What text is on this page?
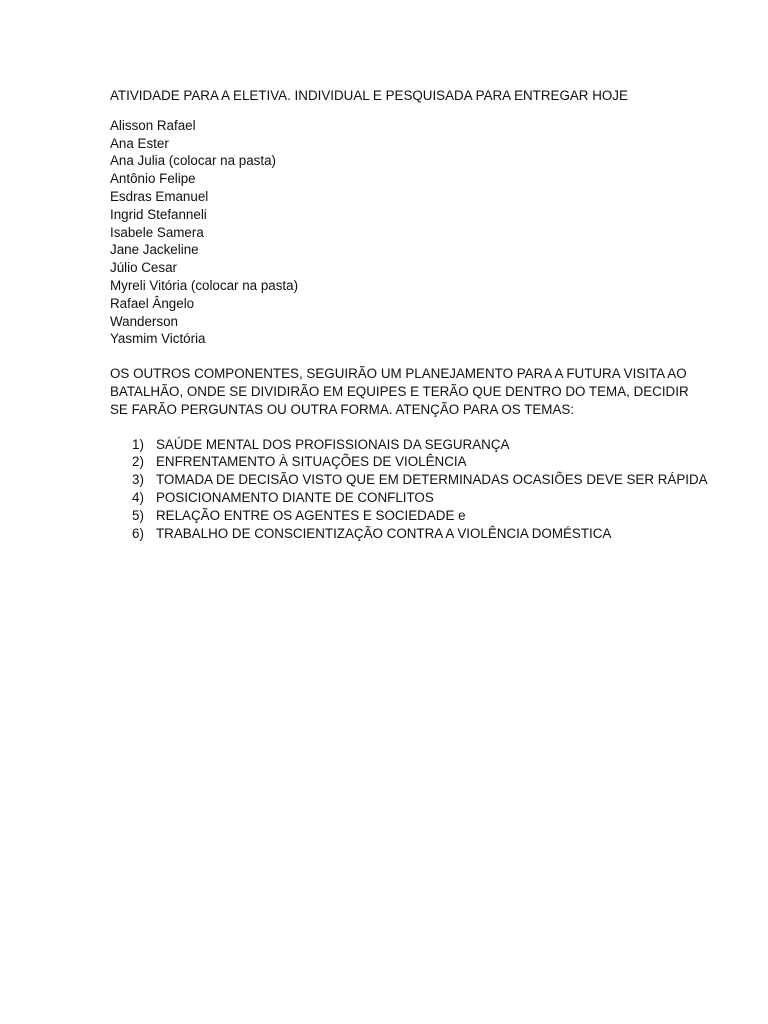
ATIVIDADE PARA A ELETIVA. INDIVIDUAL E PESQUISADA PARA ENTREGAR HOJE

Alisson Rafael
Ana Ester
Ana Julia (colocar na pasta)
Antônio Felipe
Esdras Emanuel
Ingrid Stefanneli
Isabele Samera
Jane Jackeline
Júlio Cesar
Myreli Vitória (colocar na pasta)
Rafael Ângelo
Wanderson
Yasmim Victória

OS OUTROS COMPONENTES, SEGUIRÃO UM PLANEJAMENTO PARA A FUTURA VISITA AO BATALHÃO, ONDE SE DIVIDIRÃO EM EQUIPES E TERÃO QUE DENTRO DO TEMA, DECIDIR SE FARÃO PERGUNTAS OU OUTRA FORMA. ATENÇÃO PARA OS TEMAS:

1) SAÚDE MENTAL DOS PROFISSIONAIS DA SEGURANÇA
2) ENFRENTAMENTO À SITUAÇÕES DE VIOLÊNCIA
3) TOMADA DE DECISÃO VISTO QUE EM DETERMINADAS OCASIÕES DEVE SER RÁPIDA
4) POSICIONAMENTO DIANTE DE CONFLITOS
5) RELAÇÃO ENTRE OS AGENTES E SOCIEDADE e
6) TRABALHO DE CONSCIENTIZAÇÃO CONTRA A VIOLÊNCIA DOMÉSTICA
